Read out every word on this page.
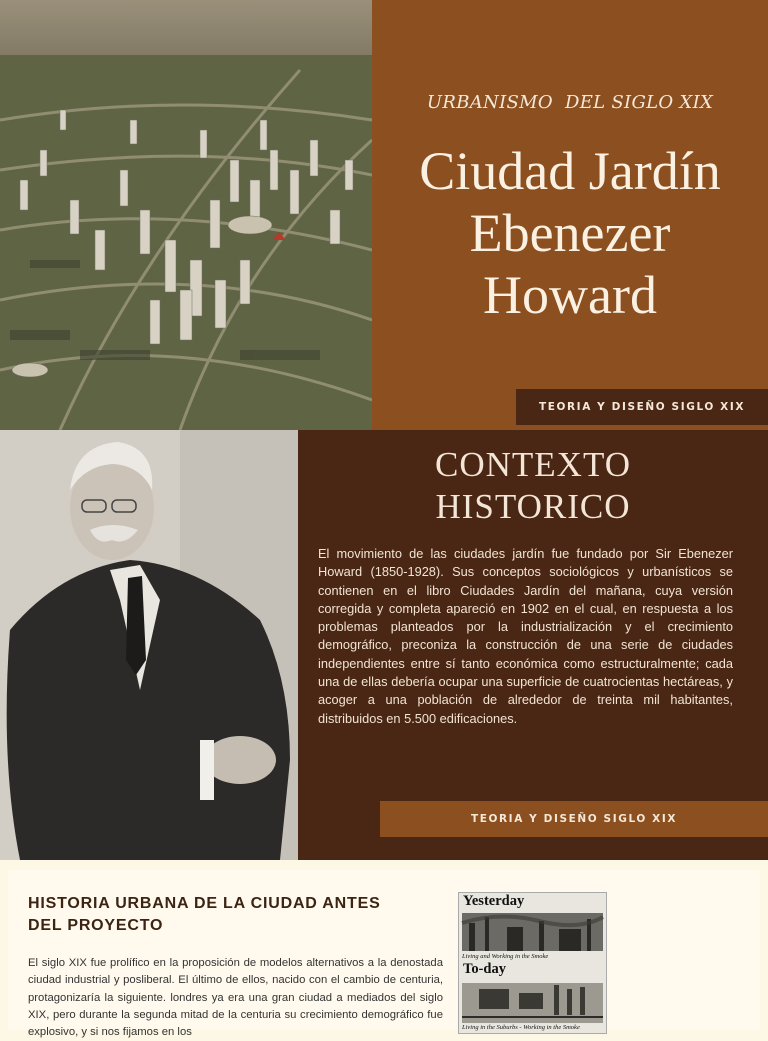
URBANISMO  DEL SIGLO XIX
Ciudad Jardín
Ebenezer
Howard
TEORIA Y DISEÑO SIGLO XIX
CONTEXTO
HISTORICO

El movimiento de las ciudades jardín fue fundado por Sir Ebenezer Howard (1850-1928). Sus conceptos sociológicos y urbanísticos se contienen en el libro Ciudades Jardín del mañana, cuya versión corregida y completa apareció en 1902 en el cual, en respuesta a los problemas planteados por la industrialización y el crecimiento demográfico, preconiza la construcción de una serie de ciudades independientes entre sí tanto económica como estructuralmente; cada una de ellas debería ocupar una superficie de cuatrocientas hectáreas, y acoger a una población de alrededor de treinta mil habitantes, distribuidos en 5.500 edificaciones.

TEORIA Y DISEÑO SIGLO XIX
HISTORIA URBANA DE LA CIUDAD ANTES DEL PROYECTO

El siglo XIX fue prolífico en la proposición de modelos alternativos a la denostada ciudad industrial y posliberal. El último de ellos, nacido con el cambio de centuria, protagonizaría la siguiente. londres ya era una gran ciudad a mediados del siglo XIX, pero durante la segunda mitad de la centuria su crecimiento demográfico fue explosivo, y si nos fijamos en los

Yesterday
Living and Working in the Smoke
To-day
Living in the Suburbs - Working in the Smoke
